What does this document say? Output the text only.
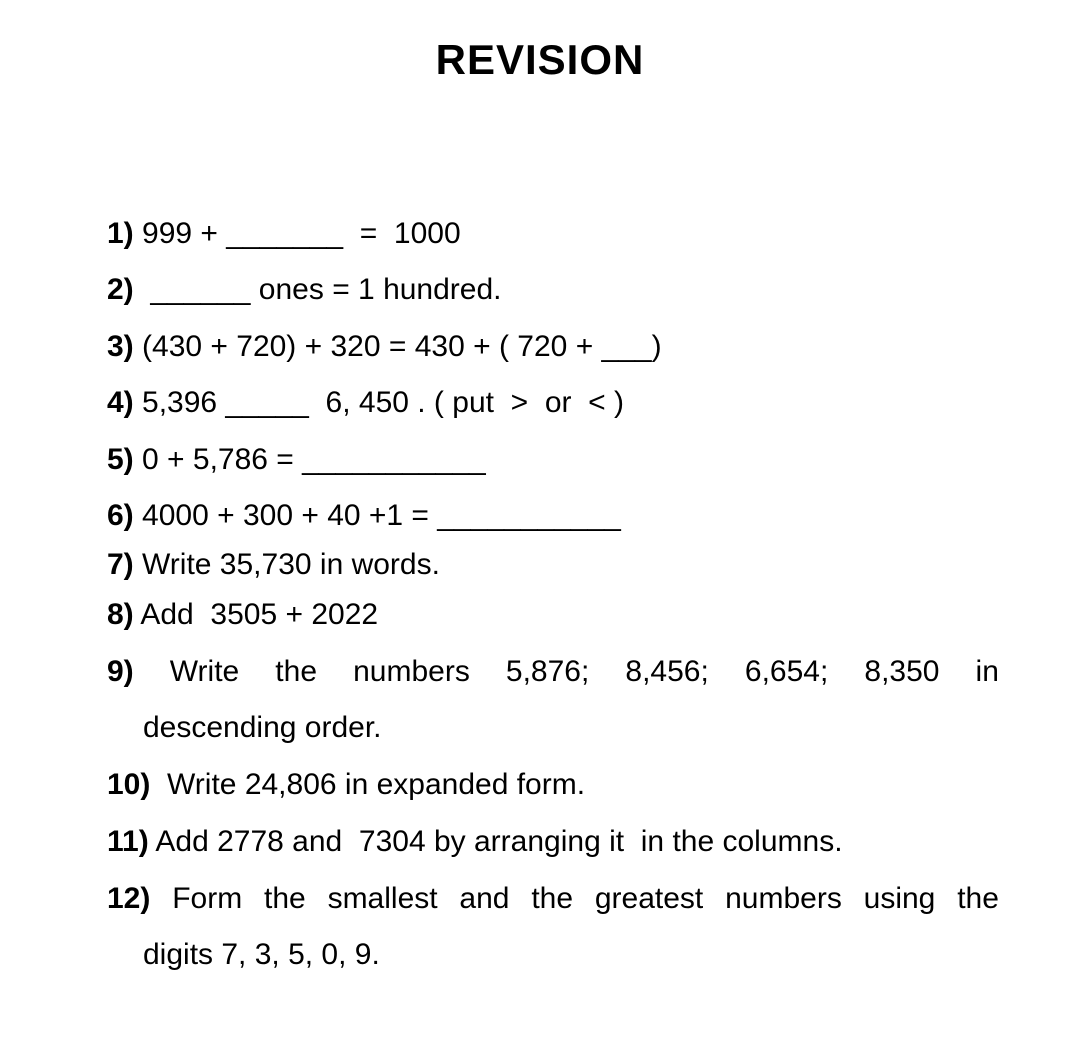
REVISION
1) 999 + _______  =  1000
2)  ______ ones = 1 hundred.
3) (430 + 720) + 320 = 430 + ( 720 + ___)
4) 5,396 _____  6, 450 . ( put  >  or  < )
5) 0 + 5,786 = ___________
6) 4000 + 300 + 40 +1 = ___________
7) Write 35,730 in words.
8) Add  3505 + 2022
9) Write the numbers 5,876; 8,456; 6,654; 8,350 in
descending order.
10)  Write 24,806 in expanded form.
11) Add 2778 and  7304 by arranging it  in the columns.
12) Form the smallest and the greatest numbers using the
digits 7, 3, 5, 0, 9.
